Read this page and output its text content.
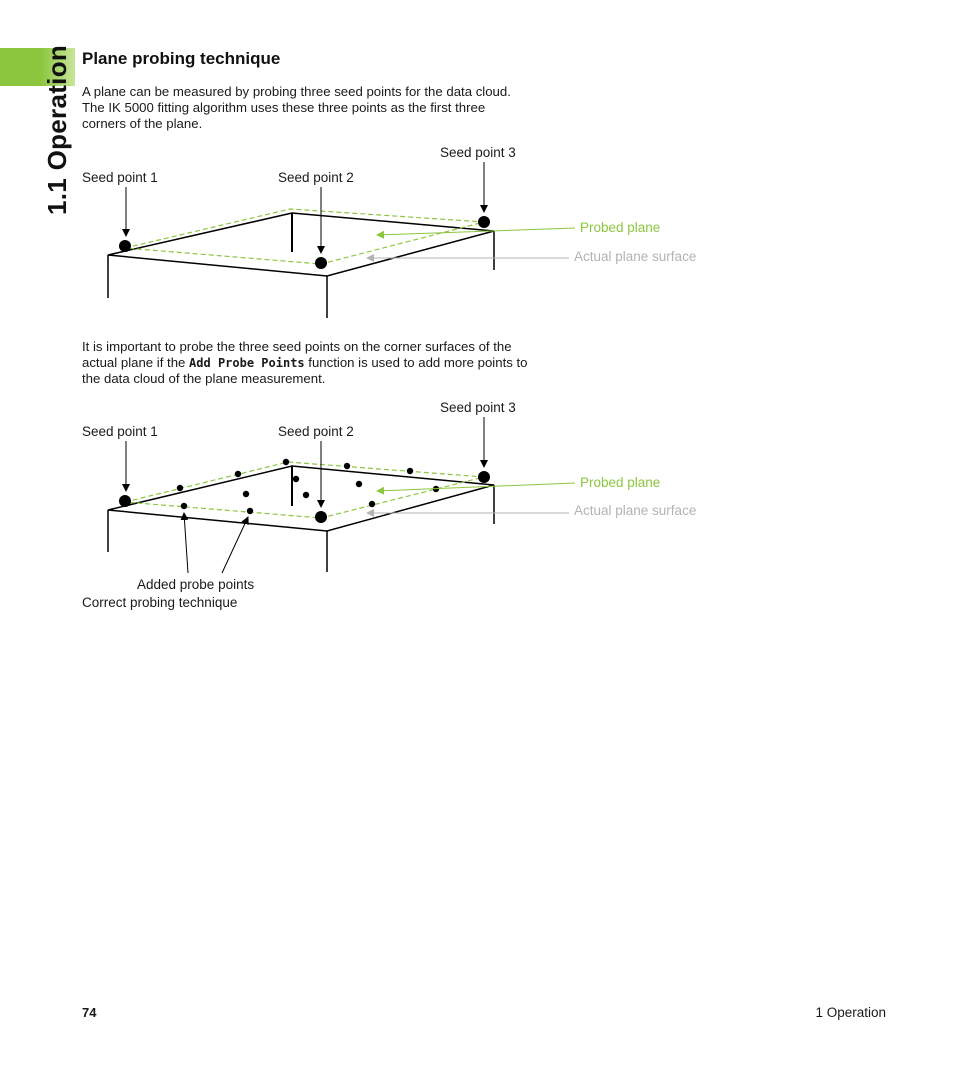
1.1 Operation Plane probing technique

A plane can be measured by probing three seed points for the data cloud. The IK 5000 fitting algorithm uses these three points as the first three corners of the plane.

Seed point 1	Seed point 2
Seed point 3
Probed plane
Actual plane surface

It is important to probe the three seed points on the corner surfaces of the actual plane if the Add Probe Points function is used to add more points to the data cloud of the plane measurement.

Seed point 1	Seed point 2
Seed point 3
Probed plane
Actual plane surface
Added probe points

Correct probing technique

74	1 Operation
